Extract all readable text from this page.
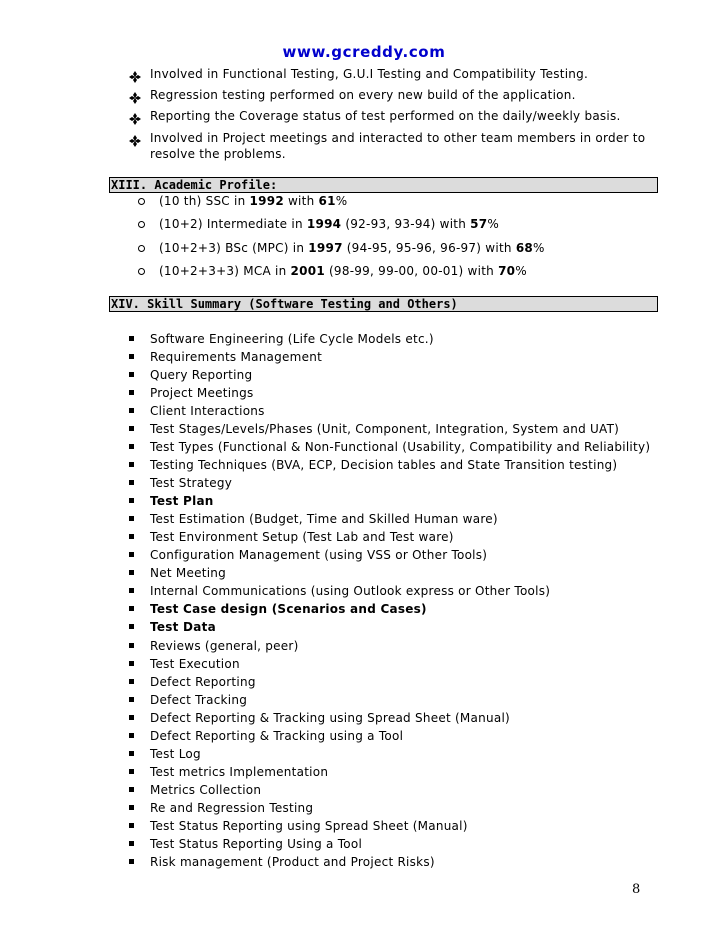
www.gcreddy.com
Involved in Functional Testing, G.U.I Testing and Compatibility Testing.
Regression testing performed on every new build of the application.
Reporting the Coverage status of test performed on the daily/weekly basis.
Involved in Project meetings and interacted to other team members in order to
resolve the problems.
XIII. Academic Profile:
(10 th) SSC in 1992 with 61%
(10+2) Intermediate in 1994 (92-93, 93-94) with 57%
(10+2+3) BSc (MPC) in 1997 (94-95, 95-96, 96-97) with 68%
(10+2+3+3) MCA in 2001 (98-99, 99-00, 00-01) with 70%
XIV. Skill Summary (Software Testing and Others)
Software Engineering (Life Cycle Models etc.)
Requirements Management
Query Reporting
Project Meetings
Client Interactions
Test Stages/Levels/Phases (Unit, Component, Integration, System and UAT)
Test Types (Functional & Non-Functional (Usability, Compatibility and Reliability)
Testing Techniques (BVA, ECP, Decision tables and State Transition testing)
Test Strategy
Test Plan
Test Estimation (Budget, Time and Skilled Human ware)
Test Environment Setup (Test Lab and Test ware)
Configuration Management (using VSS or Other Tools)
Net Meeting
Internal Communications (using Outlook express or Other Tools)
Test Case design (Scenarios and Cases)
Test Data
Reviews (general, peer)
Test Execution
Defect Reporting
Defect Tracking
Defect Reporting & Tracking using Spread Sheet (Manual)
Defect Reporting & Tracking using a Tool
Test Log
Test metrics Implementation
Metrics Collection
Re and Regression Testing
Test Status Reporting using Spread Sheet (Manual)
Test Status Reporting Using a Tool
Risk management (Product and Project Risks)
8
